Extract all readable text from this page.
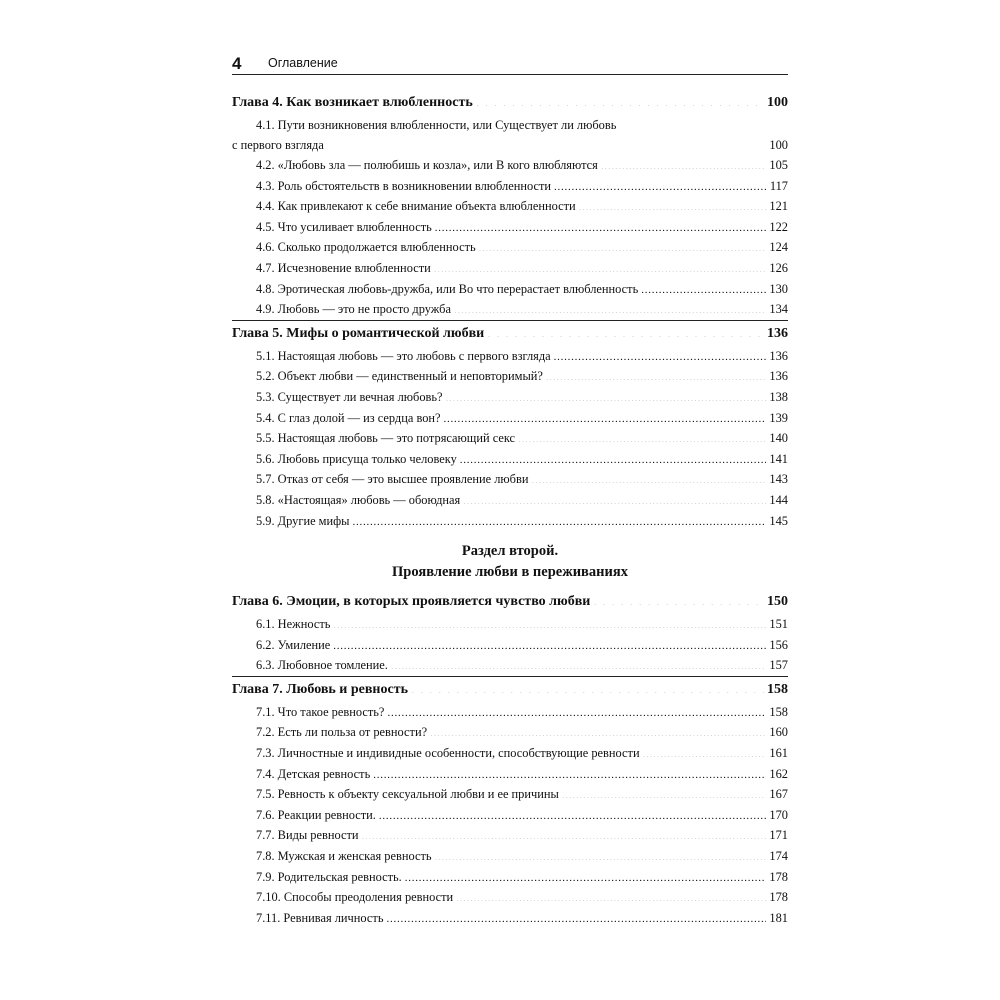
4 Оглавление
Глава 4. Как возникает влюбленность . . .	100
4.1. Пути возникновения влюбленности, или Существует ли любовь
с первого взгляда . . .	100
4.2. «Любовь зла — полюбишь и козла», или В кого влюбляются . . .	105
4.3. Роль обстоятельств в возникновении влюбленности . . .	117
4.4. Как привлекают к себе внимание объекта влюбленности . . .	121
4.5. Что усиливает влюбленность . . .	122
4.6. Сколько продолжается влюбленность . . .	124
4.7. Исчезновение влюбленности . . .	126
4.8. Эротическая любовь-дружба, или Во что перерастает влюбленность . . .	130
4.9. Любовь — это не просто дружба . . .	134
Глава 5. Мифы о романтической любви . . .	136
5.1. Настоящая любовь — это любовь с первого взгляда . . .	136
5.2. Объект любви — единственный и неповторимый? . . .	136
5.3. Существует ли вечная любовь? . . .	138
5.4. С глаз долой — из сердца вон? . . .	139
5.5. Настоящая любовь — это потрясающий секс . . .	140
5.6. Любовь присуща только человеку . . .	141
5.7. Отказ от себя — это высшее проявление любви . . .	143
5.8. «Настоящая» любовь — обоюдная . . .	144
5.9. Другие мифы . . .	145
Раздел второй.
Проявление любви в переживаниях
Глава 6. Эмоции, в которых проявляется чувство любви . . .	150
6.1. Нежность . . .	151
6.2. Умиление . . .	156
6.3. Любовное томление. . . .	157
Глава 7. Любовь и ревность . . .	158
7.1. Что такое ревность? . . .	158
7.2. Есть ли польза от ревности? . . .	160
7.3. Личностные и индивидные особенности, способствующие ревности . . .	161
7.4. Детская ревность . . .	162
7.5. Ревность к объекту сексуальной любви и ее причины . . .	167
7.6. Реакции ревности. . . .	170
7.7. Виды ревности . . .	171
7.8. Мужская и женская ревность . . .	174
7.9. Родительская ревность. . . .	178
7.10. Способы преодоления ревности . . .	178
7.11. Ревнивая личность . . .	181
